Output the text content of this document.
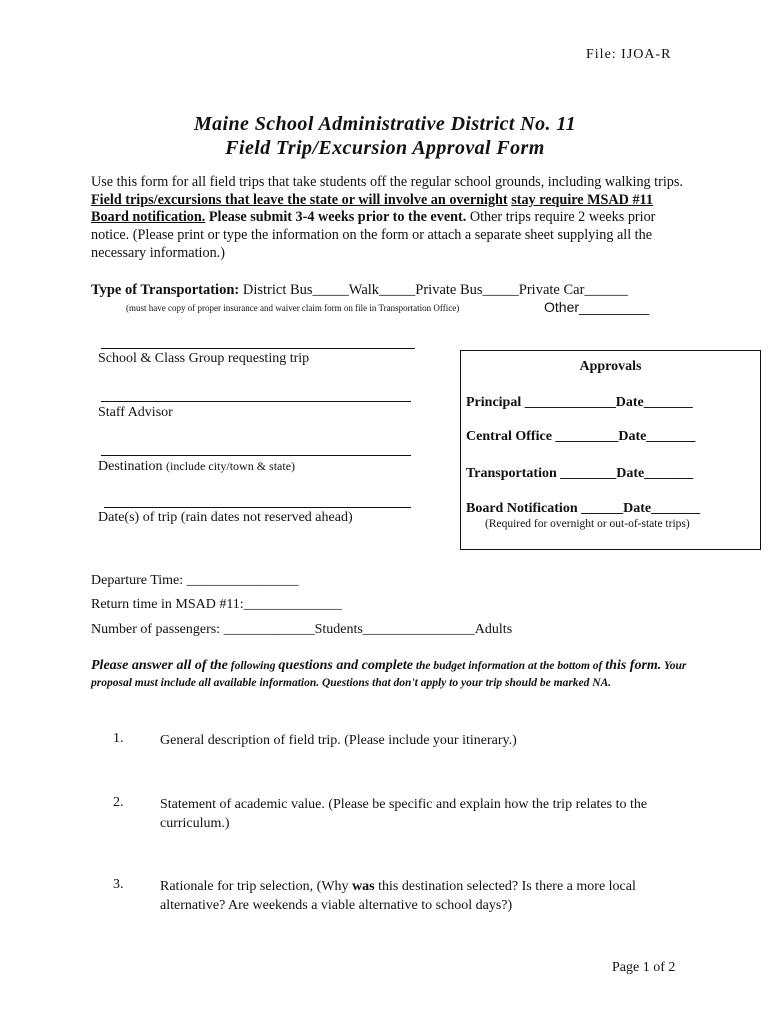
File: IJOA-R
Maine School Administrative District No. 11
Field Trip/Excursion Approval Form
Use this form for all field trips that take students off the regular school grounds, including walking trips. Field trips/excursions that leave the state or will involve an overnight stay require MSAD #11 Board notification. Please submit 3-4 weeks prior to the event. Other trips require 2 weeks prior notice. (Please print or type the information on the form or attach a separate sheet supplying all the necessary information.)
Type of Transportation: District Bus_____Walk_____Private Bus_____Private Car______
(must have copy of proper insurance and waiver claim form on file in Transportation Office)	Other_________
School & Class Group requesting trip
Staff Advisor
Destination (include city/town & state)
Date(s) of trip (rain dates not reserved ahead)
Approvals
Principal _____________Date_______
Central Office _________Date_______
Transportation ________Date_______
Board Notification ______Date_______
(Required for overnight or out-of-state trips)
Departure Time: ________________
Return time in MSAD #11:______________
Number of passengers: _____________Students________________Adults
Please answer all of the following questions and complete the budget information at the bottom of this form. Your proposal must include all available information. Questions that don't apply to your trip should be marked NA.
1.	General description of field trip. (Please include your itinerary.)
2.	Statement of academic value. (Please be specific and explain how the trip relates to the curriculum.)
3.	Rationale for trip selection, (Why was this destination selected? Is there a more local alternative? Are weekends a viable alternative to school days?)
Page 1 of 2
